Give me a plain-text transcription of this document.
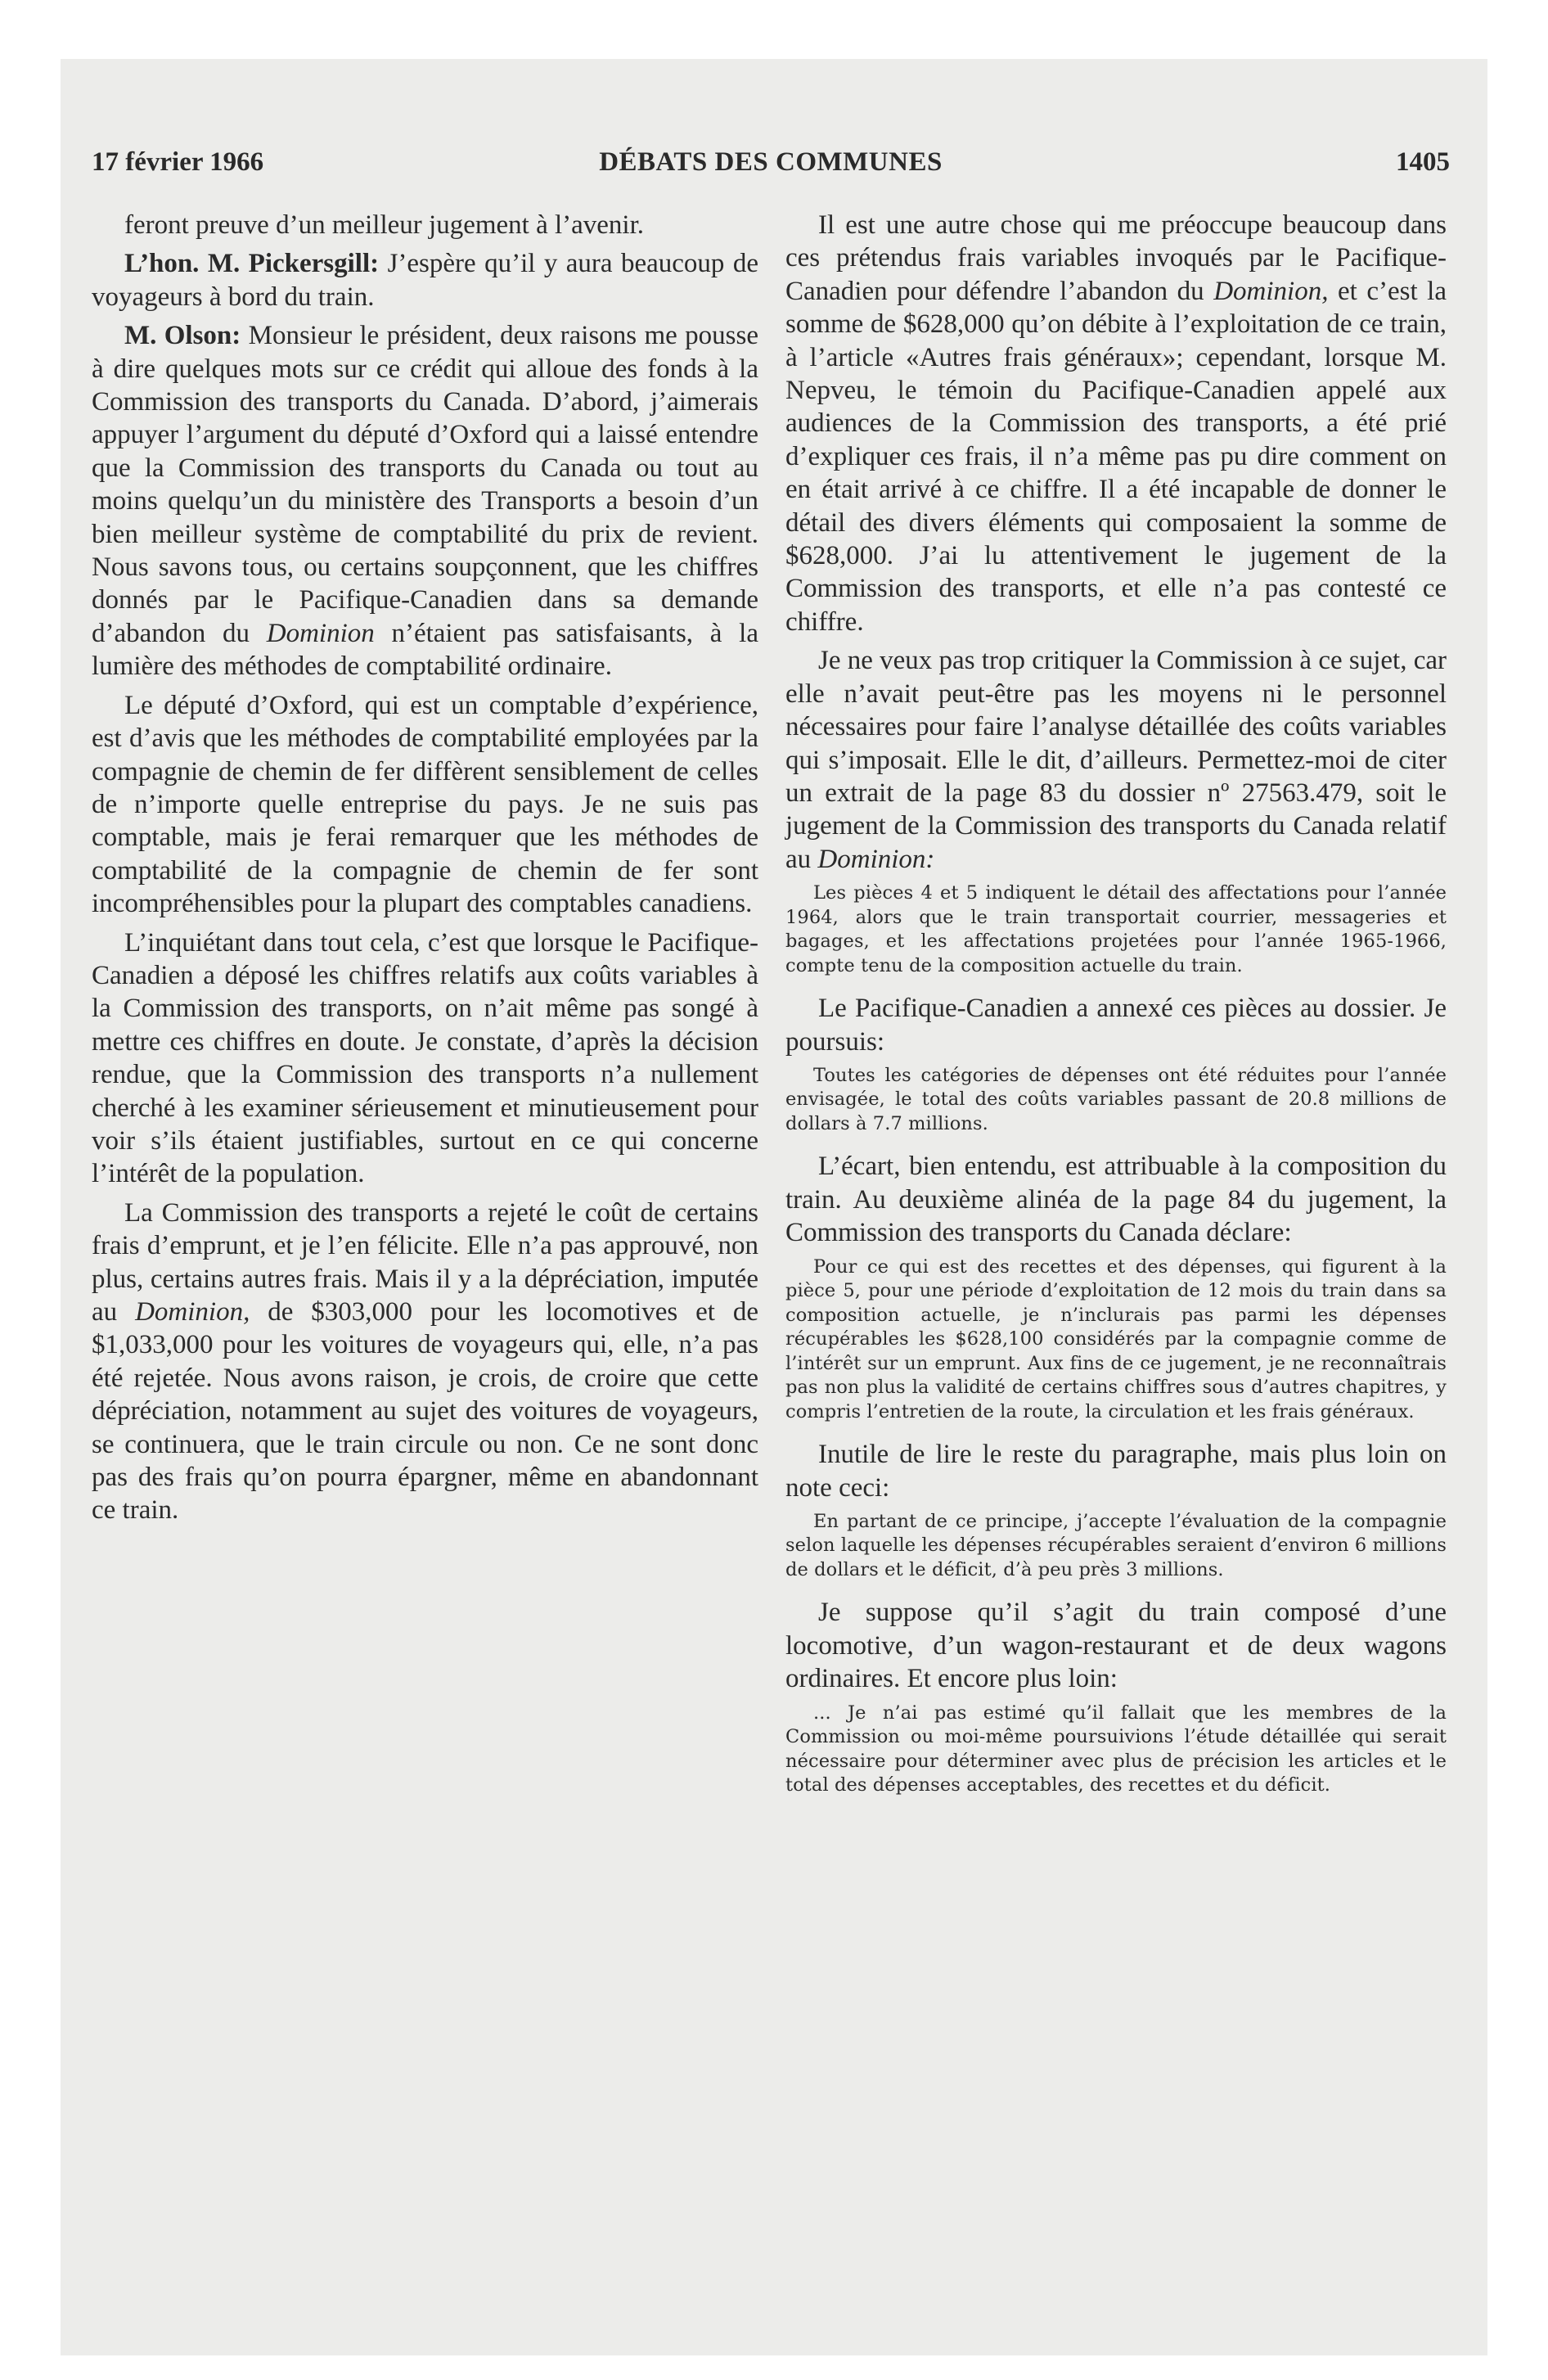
17 février 1966	DÉBATS DES COMMUNES	1405

feront preuve d’un meilleur jugement à l’avenir.

L’hon. M. Pickersgill: J’espère qu’il y aura beaucoup de voyageurs à bord du train.

M. Olson: Monsieur le président, deux raisons me pousse à dire quelques mots sur ce crédit qui alloue des fonds à la Commission des transports du Canada. D’abord, j’aimerais appuyer l’argument du député d’Oxford qui a laissé entendre que la Commission des transports du Canada ou tout au moins quelqu’un du ministère des Transports a besoin d’un bien meilleur système de comptabilité du prix de revient. Nous savons tous, ou certains soupçonnent, que les chiffres donnés par le Pacifique-Canadien dans sa demande d’abandon du Dominion n’étaient pas satisfaisants, à la lumière des méthodes de comptabilité ordinaire.

Le député d’Oxford, qui est un comptable d’expérience, est d’avis que les méthodes de comptabilité employées par la compagnie de chemin de fer diffèrent sensiblement de celles de n’importe quelle entreprise du pays. Je ne suis pas comptable, mais je ferai remarquer que les méthodes de comptabilité de la compagnie de chemin de fer sont incompréhensibles pour la plupart des comptables canadiens.

L’inquiétant dans tout cela, c’est que lorsque le Pacifique-Canadien a déposé les chiffres relatifs aux coûts variables à la Commission des transports, on n’ait même pas songé à mettre ces chiffres en doute. Je constate, d’après la décision rendue, que la Commission des transports n’a nullement cherché à les examiner sérieusement et minutieusement pour voir s’ils étaient justifiables, surtout en ce qui concerne l’intérêt de la population.

La Commission des transports a rejeté le coût de certains frais d’emprunt, et je l’en félicite. Elle n’a pas approuvé, non plus, certains autres frais. Mais il y a la dépréciation, imputée au Dominion, de $303,000 pour les locomotives et de $1,033,000 pour les voitures de voyageurs qui, elle, n’a pas été rejetée. Nous avons raison, je crois, de croire que cette dépréciation, notamment au sujet des voitures de voyageurs, se continuera, que le train circule ou non. Ce ne sont donc pas des frais qu’on pourra épargner, même en abandonnant ce train.

Il est une autre chose qui me préoccupe beaucoup dans ces prétendus frais variables invoqués par le Pacifique-Canadien pour défendre l’abandon du Dominion, et c’est la somme de $628,000 qu’on débite à l’exploitation de ce train, à l’article «Autres frais généraux»; cependant, lorsque M. Nepveu, le témoin du Pacifique-Canadien appelé aux audiences de la Commission des transports, a été prié d’expliquer ces frais, il n’a même pas pu dire comment on en était arrivé à ce chiffre. Il a été incapable de donner le détail des divers éléments qui composaient la somme de $628,000. J’ai lu attentivement le jugement de la Commission des transports, et elle n’a pas contesté ce chiffre.

Je ne veux pas trop critiquer la Commission à ce sujet, car elle n’avait peut-être pas les moyens ni le personnel nécessaires pour faire l’analyse détaillée des coûts variables qui s’imposait. Elle le dit, d’ailleurs. Permettez-moi de citer un extrait de la page 83 du dossier nº 27563.479, soit le jugement de la Commission des transports du Canada relatif au Dominion:

Les pièces 4 et 5 indiquent le détail des affectations pour l’année 1964, alors que le train transportait courrier, messageries et bagages, et les affectations projetées pour l’année 1965-1966, compte tenu de la composition actuelle du train.

Le Pacifique-Canadien a annexé ces pièces au dossier. Je poursuis:

Toutes les catégories de dépenses ont été réduites pour l’année envisagée, le total des coûts variables passant de 20.8 millions de dollars à 7.7 millions.

L’écart, bien entendu, est attribuable à la composition du train. Au deuxième alinéa de la page 84 du jugement, la Commission des transports du Canada déclare:

Pour ce qui est des recettes et des dépenses, qui figurent à la pièce 5, pour une période d’exploitation de 12 mois du train dans sa composition actuelle, je n’inclurais pas parmi les dépenses récupérables les $628,100 considérés par la compagnie comme de l’intérêt sur un emprunt. Aux fins de ce jugement, je ne reconnaîtrais pas non plus la validité de certains chiffres sous d’autres chapitres, y compris l’entretien de la route, la circulation et les frais généraux.

Inutile de lire le reste du paragraphe, mais plus loin on note ceci:

En partant de ce principe, j’accepte l’évaluation de la compagnie selon laquelle les dépenses récupérables seraient d’environ 6 millions de dollars et le déficit, d’à peu près 3 millions.

Je suppose qu’il s’agit du train composé d’une locomotive, d’un wagon-restaurant et de deux wagons ordinaires. Et encore plus loin:

... Je n’ai pas estimé qu’il fallait que les membres de la Commission ou moi-même poursuivions l’étude détaillée qui serait nécessaire pour déterminer avec plus de précision les articles et le total des dépenses acceptables, des recettes et du déficit.
